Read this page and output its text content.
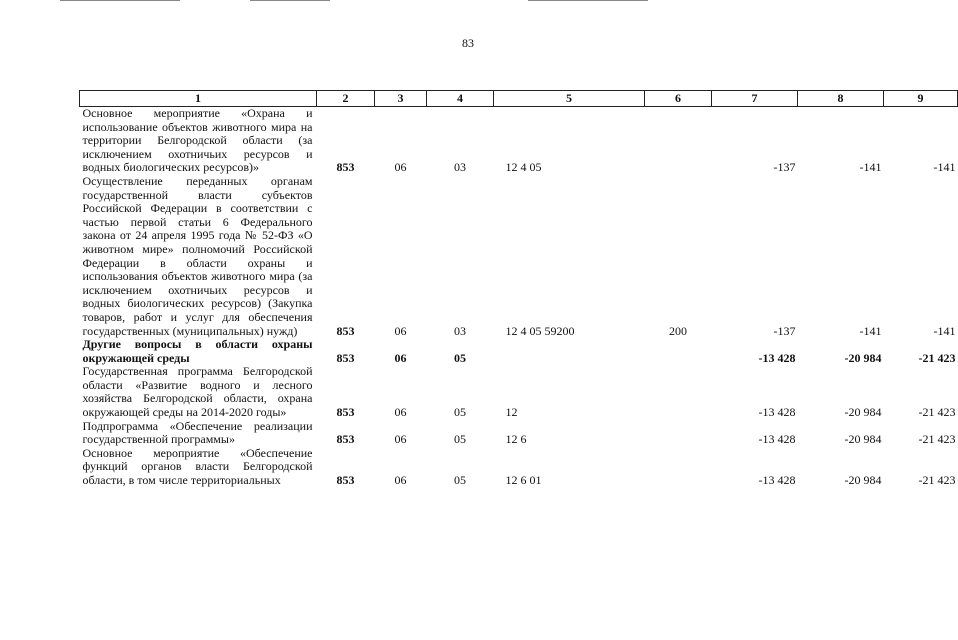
83
1	2	3	4	5	6	7	8	9
Основное мероприятие «Охрана и использование объектов животного мира на территории Белгородской области (за исключением охотничьих ресурсов и водных биологических ресурсов)»	853	06	03	12 4 05		-137	-141	-141
Осуществление переданных органам государственной власти субъектов Российской Федерации в соответствии с частью первой статьи 6 Федерального закона от 24 апреля 1995 года № 52-ФЗ «О животном мире» полномочий Российской Федерации в области охраны и использования объектов животного мира (за исключением охотничьих ресурсов и водных биологических ресурсов) (Закупка товаров, работ и услуг для обеспечения государственных (муниципальных) нужд)	853	06	03	12 4 05 59200	200	-137	-141	-141
Другие вопросы в области охраны окружающей среды	853	06	05			-13 428	-20 984	-21 423
Государственная программа Белгородской области «Развитие водного и лесного хозяйства Белгородской области, охрана окружающей среды на 2014-2020 годы»	853	06	05	12		-13 428	-20 984	-21 423
Подпрограмма «Обеспечение реализации государственной программы»	853	06	05	12 6		-13 428	-20 984	-21 423
Основное мероприятие «Обеспечение функций органов власти Белгородской области, в том числе территориальных	853	06	05	12 6 01		-13 428	-20 984	-21 423
